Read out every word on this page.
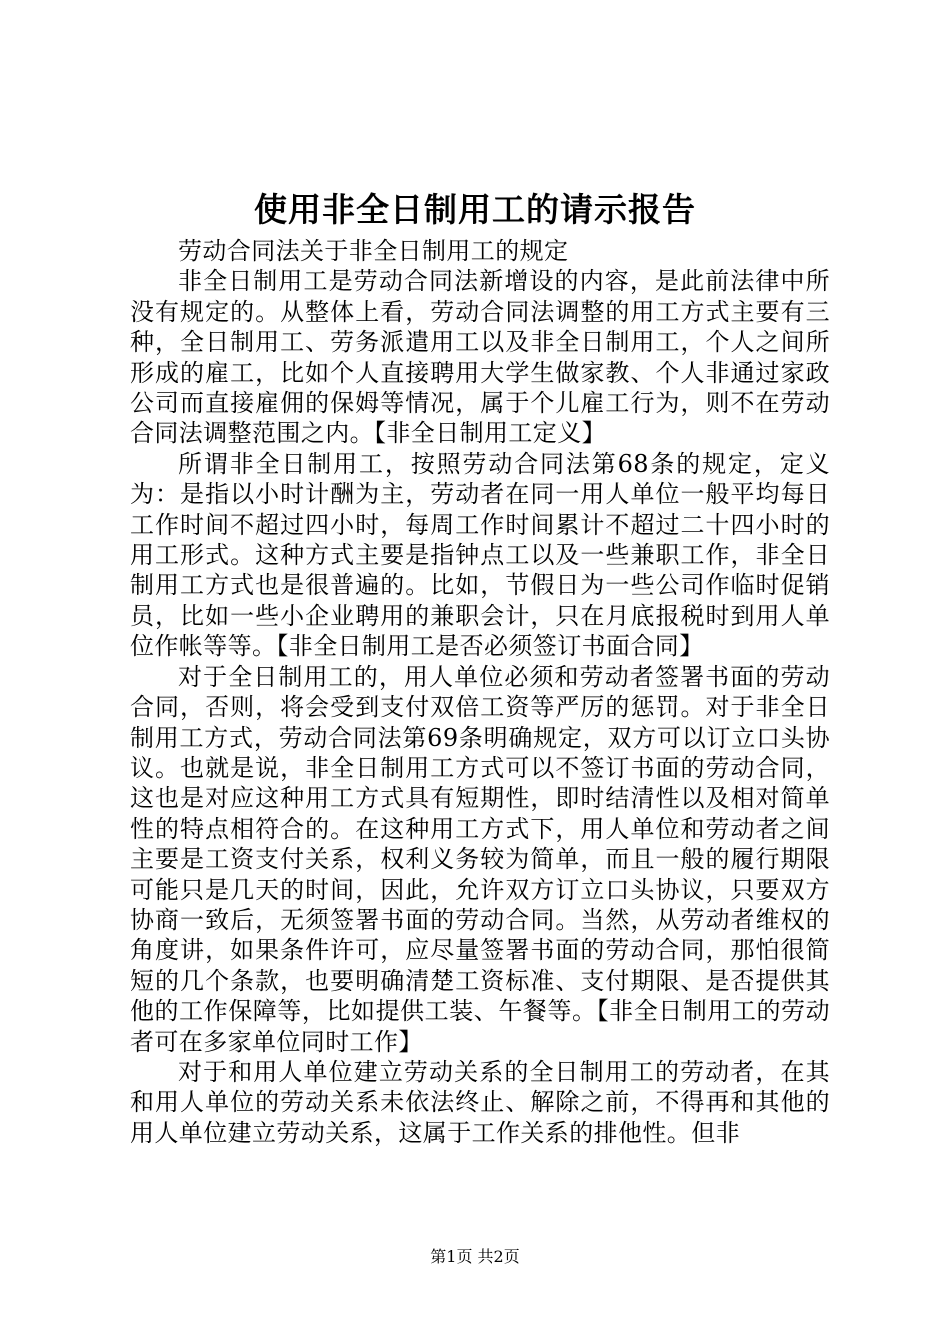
使用非全日制用工的请示报告

劳动合同法关于非全日制用工的规定

非全日制用工是劳动合同法新增设的内容，是此前法律中所没有规定的。从整体上看，劳动合同法调整的用工方式主要有三种，全日制用工、劳务派遣用工以及非全日制用工，个人之间所形成的雇工，比如个人直接聘用大学生做家教、个人非通过家政公司而直接雇佣的保姆等情况，属于个儿雇工行为，则不在劳动合同法调整范围之内。【非全日制用工定义】

所谓非全日制用工，按照劳动合同法第68条的规定，定义为：是指以小时计酬为主，劳动者在同一用人单位一般平均每日工作时间不超过四小时，每周工作时间累计不超过二十四小时的用工形式。这种方式主要是指钟点工以及一些兼职工作，非全日制用工方式也是很普遍的。比如，节假日为一些公司作临时促销员，比如一些小企业聘用的兼职会计，只在月底报税时到用人单位作帐等等。【非全日制用工是否必须签订书面合同】

对于全日制用工的，用人单位必须和劳动者签署书面的劳动合同，否则，将会受到支付双倍工资等严厉的惩罚。对于非全日制用工方式，劳动合同法第69条明确规定，双方可以订立口头协议。也就是说，非全日制用工方式可以不签订书面的劳动合同，这也是对应这种用工方式具有短期性，即时结清性以及相对简单性的特点相符合的。在这种用工方式下，用人单位和劳动者之间主要是工资支付关系，权利义务较为简单，而且一般的履行期限可能只是几天的时间，因此，允许双方订立口头协议，只要双方协商一致后，无须签署书面的劳动合同。当然，从劳动者维权的角度讲，如果条件许可，应尽量签署书面的劳动合同，那怕很简短的几个条款，也要明确清楚工资标准、支付期限、是否提供其他的工作保障等，比如提供工装、午餐等。【非全日制用工的劳动者可在多家单位同时工作】

对于和用人单位建立劳动关系的全日制用工的劳动者，在其和用人单位的劳动关系未依法终止、解除之前，不得再和其他的用人单位建立劳动关系，这属于工作关系的排他性。但非

第1页 共2页
